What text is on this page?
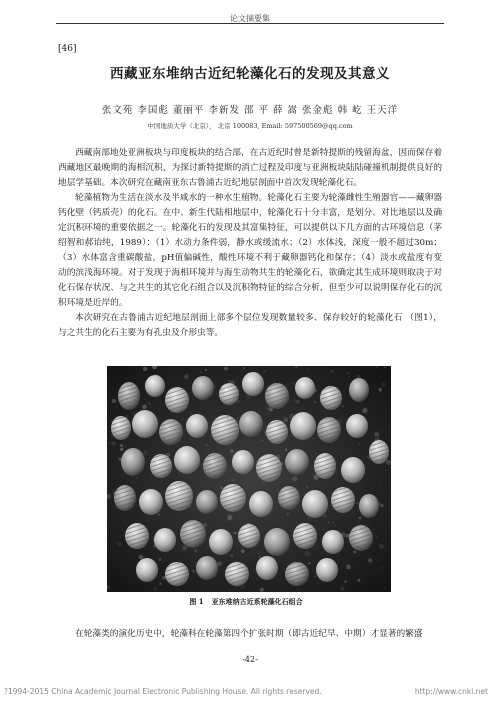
论文摘要集
[46]
西藏亚东堆纳古近纪轮藻化石的发现及其意义
张文苑 李国彪 董丽平 李新发 邵 平 薛 嵩 张金彪 韩 屹 王天洋
中国地质大学（北京）， 北京 100083, Email: 597500569@qq.com

西藏南部地处亚洲板块与印度板块的结合部，在古近纪时曾是新特提斯的残留海盆，因而保存着西藏地区最晚期的海相沉积，为探讨新特提斯的消亡过程及印度与亚洲板块陆陆碰撞机制提供良好的地层学基础。本次研究在藏南亚东古鲁浦古近纪地层剖面中首次发现轮藻化石。

轮藻植物为生活在淡水及半咸水的一种水生植物。轮藻化石主要为轮藻雌性生殖器官——藏卵器钙化壁（钙质壳）的化石。在中、新生代陆相地层中，轮藻化石十分丰富，是划分、对比地层以及确定沉积环境的重要依据之一。轮藻化石的发现及其富集特征，可以提供以下几方面的古环境信息（茅绍智和郝诒纯，1989）：（1）水动力条件弱，静水或缓流水；（2）水体浅，深度一般不超过30m；（3）水体富含重碳酸盐，pH值偏碱性，酸性环境不利于藏卵器钙化和保存；（4）淡水或盐度有变动的滨浅海环境。对于发现于海相环境并与海生动物共生的轮藻化石，欲确定其生成环境则取决于对化石保存状况、与之共生的其它化石组合以及沉积物特征的综合分析，但至少可以说明保存化石的沉积环境是近岸的。

本次研究在古鲁浦古近纪地层剖面上部多个层位发现数量较多、保存较好的轮藻化石 （图1），与之共生的化石主要为有孔虫及介形虫等。

图 1 亚东堆纳古近系轮藻化石组合

在轮藻类的演化历史中，轮藻科在轮藻第四个扩张时期（即古近纪早、中期）才显著的繁盛

-42-
?1994-2015 China Academic Journal Electronic Publishing House. All rights reserved.	http://www.cnki.net
